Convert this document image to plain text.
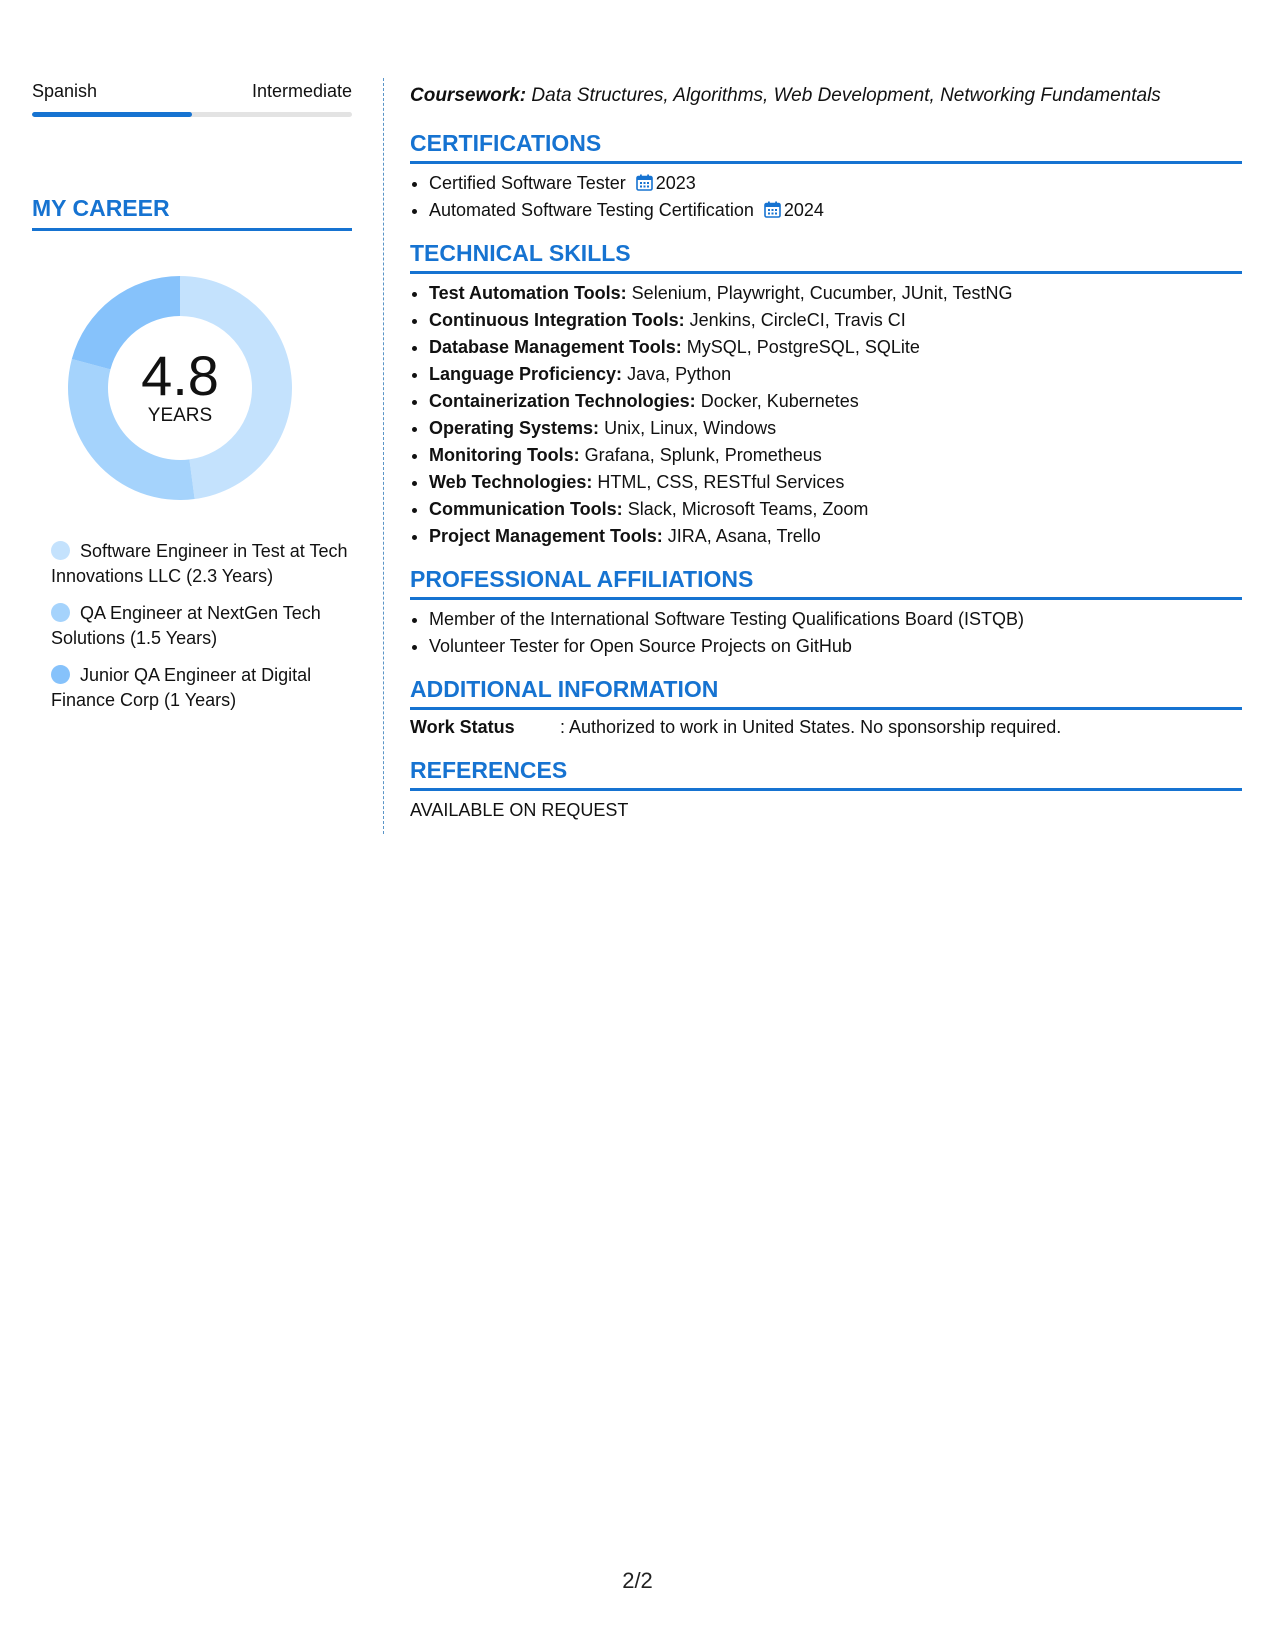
Spanish	Intermediate
MY CAREER
4.8
YEARS
Software Engineer in Test at Tech Innovations LLC (2.3 Years)
QA Engineer at NextGen Tech Solutions (1.5 Years)
Junior QA Engineer at Digital Finance Corp (1 Years)

Coursework: Data Structures, Algorithms, Web Development, Networking Fundamentals

CERTIFICATIONS
• Certified Software Tester 2023
• Automated Software Testing Certification 2024
TECHNICAL SKILLS
• Test Automation Tools: Selenium, Playwright, Cucumber, JUnit, TestNG
• Continuous Integration Tools: Jenkins, CircleCI, Travis CI
• Database Management Tools: MySQL, PostgreSQL, SQLite
• Language Proficiency: Java, Python
• Containerization Technologies: Docker, Kubernetes
• Operating Systems: Unix, Linux, Windows
• Monitoring Tools: Grafana, Splunk, Prometheus
• Web Technologies: HTML, CSS, RESTful Services
• Communication Tools: Slack, Microsoft Teams, Zoom
• Project Management Tools: JIRA, Asana, Trello
PROFESSIONAL AFFILIATIONS
• Member of the International Software Testing Qualifications Board (ISTQB)
• Volunteer Tester for Open Source Projects on GitHub
ADDITIONAL INFORMATION
Work Status	: Authorized to work in United States. No sponsorship required.
REFERENCES
AVAILABLE ON REQUEST
2/2
